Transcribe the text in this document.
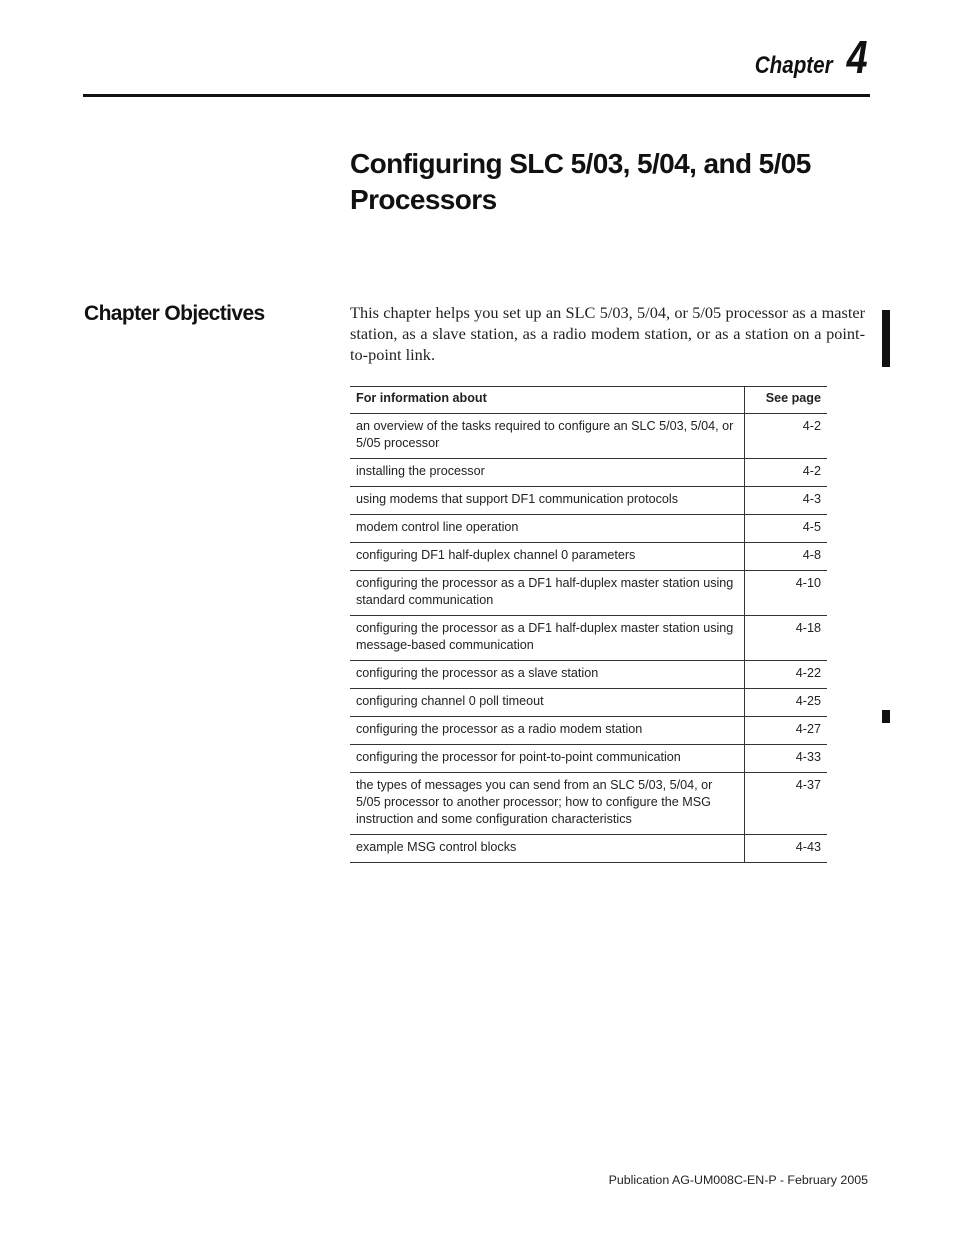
Chapter 4
Configuring SLC 5/03, 5/04, and 5/05 Processors
Chapter Objectives	This chapter helps you set up an SLC 5/03, 5/04, or 5/05 processor as a master station, as a slave station, as a radio modem station, or as a station on a point-to-point link.

For information about	See page
an overview of the tasks required to configure an SLC 5/03, 5/04, or 5/05 processor	4-2
installing the processor	4-2
using modems that support DF1 communication protocols	4-3
modem control line operation	4-5
configuring DF1 half-duplex channel 0 parameters	4-8
configuring the processor as a DF1 half-duplex master station using standard communication	4-10
configuring the processor as a DF1 half-duplex master station using message-based communication	4-18
configuring the processor as a slave station	4-22
configuring channel 0 poll timeout	4-25
configuring the processor as a radio modem station	4-27
configuring the processor for point-to-point communication	4-33
the types of messages you can send from an SLC 5/03, 5/04, or 5/05 processor to another processor; how to configure the MSG instruction and some configuration characteristics	4-37
example MSG control blocks	4-43
Publication AG-UM008C-EN-P - February 2005
